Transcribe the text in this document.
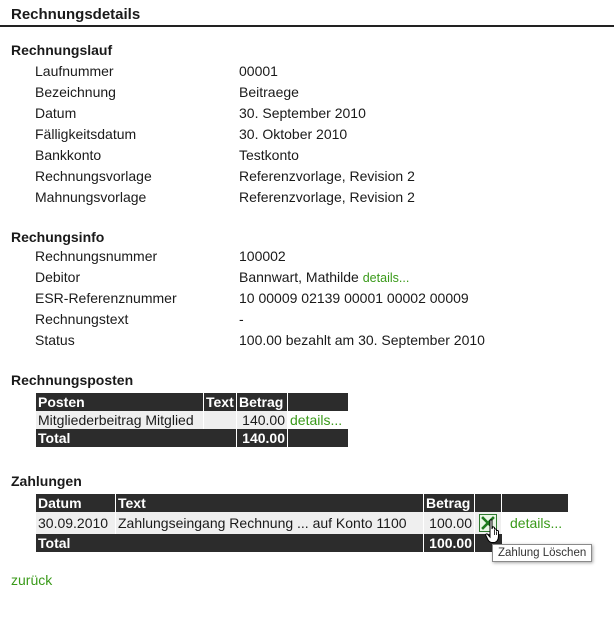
Rechnungsdetails
Rechnungslauf
Laufnummer	00001
Bezeichnung	Beitraege
Datum	30. September 2010
Fälligkeitsdatum	30. Oktober 2010
Bankkonto	Testkonto
Rechnungsvorlage	Referenzvorlage, Revision 2
Mahnungsvorlage	Referenzvorlage, Revision 2
Rechungsinfo
Rechnungsnummer	100002
Debitor	Bannwart, Mathilde details...
ESR-Referenznummer	10 00009 02139 00001 00002 00009
Rechnungstext	-
Status	100.00 bezahlt am 30. September 2010
Rechnungsposten
Posten	Text	Betrag	
Mitgliederbeitrag Mitglied		140.00	details...
Total		140.00	
Zahlungen
Datum	Text	Betrag		
30.09.2010	Zahlungseingang Rechnung ... auf Konto 1100	100.00		details...
Total		100.00		
Zahlung Löschen
zurück
